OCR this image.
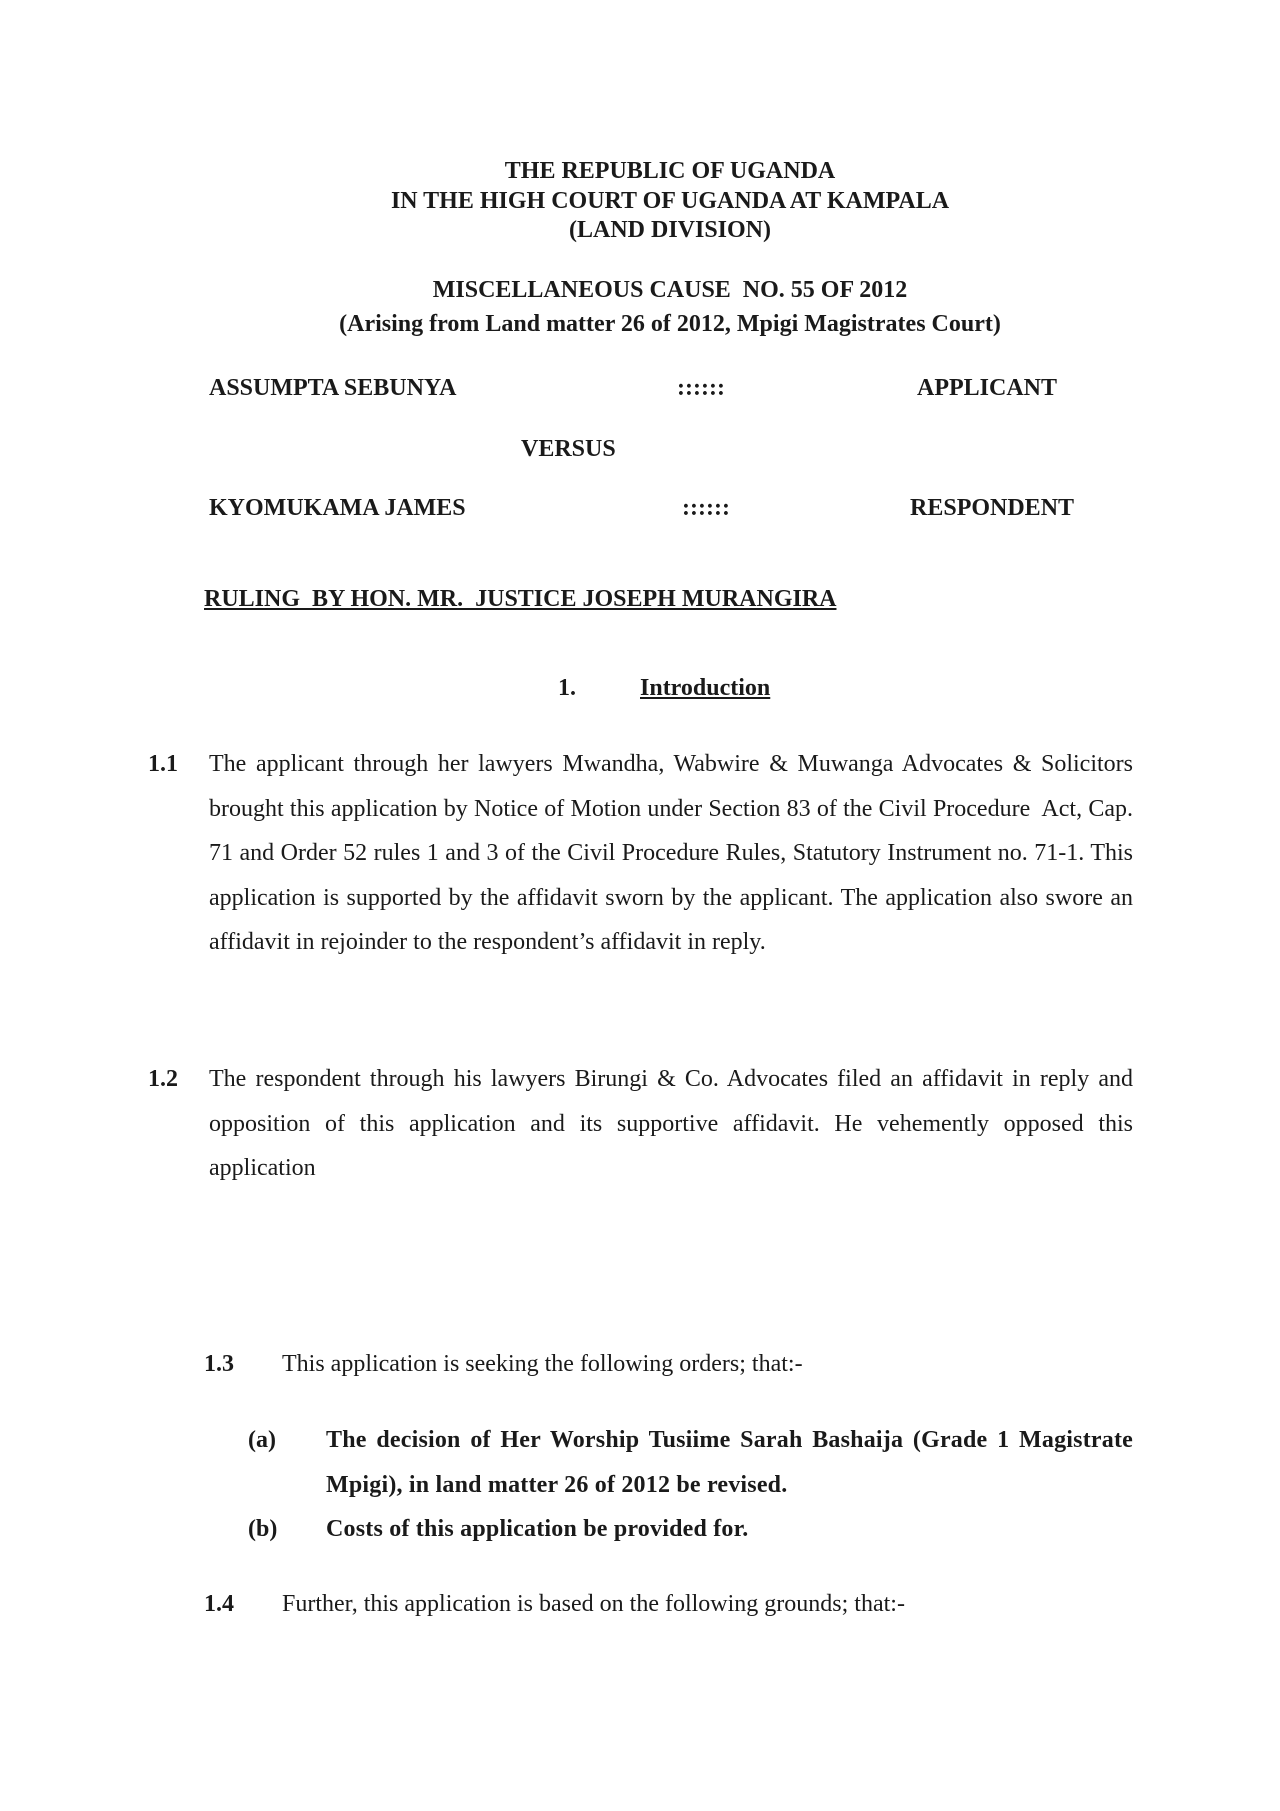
THE REPUBLIC OF UGANDA
IN THE HIGH COURT OF UGANDA AT KAMPALA
(LAND DIVISION)
MISCELLANEOUS CAUSE  NO. 55 OF 2012
(Arising from Land matter 26 of 2012, Mpigi Magistrates Court)
ASSUMPTA SEBUNYA	::::::	APPLICANT
VERSUS
KYOMUKAMA JAMES	::::::	RESPONDENT
RULING  BY HON. MR.  JUSTICE JOSEPH MURANGIRA
1.	Introduction
1.1 The applicant through her lawyers Mwandha, Wabwire & Muwanga Advocates & Solicitors brought this application by Notice of Motion under Section 83 of the Civil Procedure  Act, Cap. 71 and Order 52 rules 1 and 3 of the Civil Procedure Rules, Statutory Instrument no. 71-1. This application is supported by the affidavit sworn by the applicant. The application also swore an affidavit in rejoinder to the respondent’s affidavit in reply.
1.2 The respondent through his lawyers Birungi & Co. Advocates filed an affidavit in reply and opposition of this application and its supportive affidavit. He vehemently opposed this application
1.3 This application is seeking the following orders; that:-
(a) The decision of Her Worship Tusiime Sarah Bashaija (Grade 1 Magistrate Mpigi), in land matter 26 of 2012 be revised.
(b) Costs of this application be provided for.
1.4 Further, this application is based on the following grounds; that:-
